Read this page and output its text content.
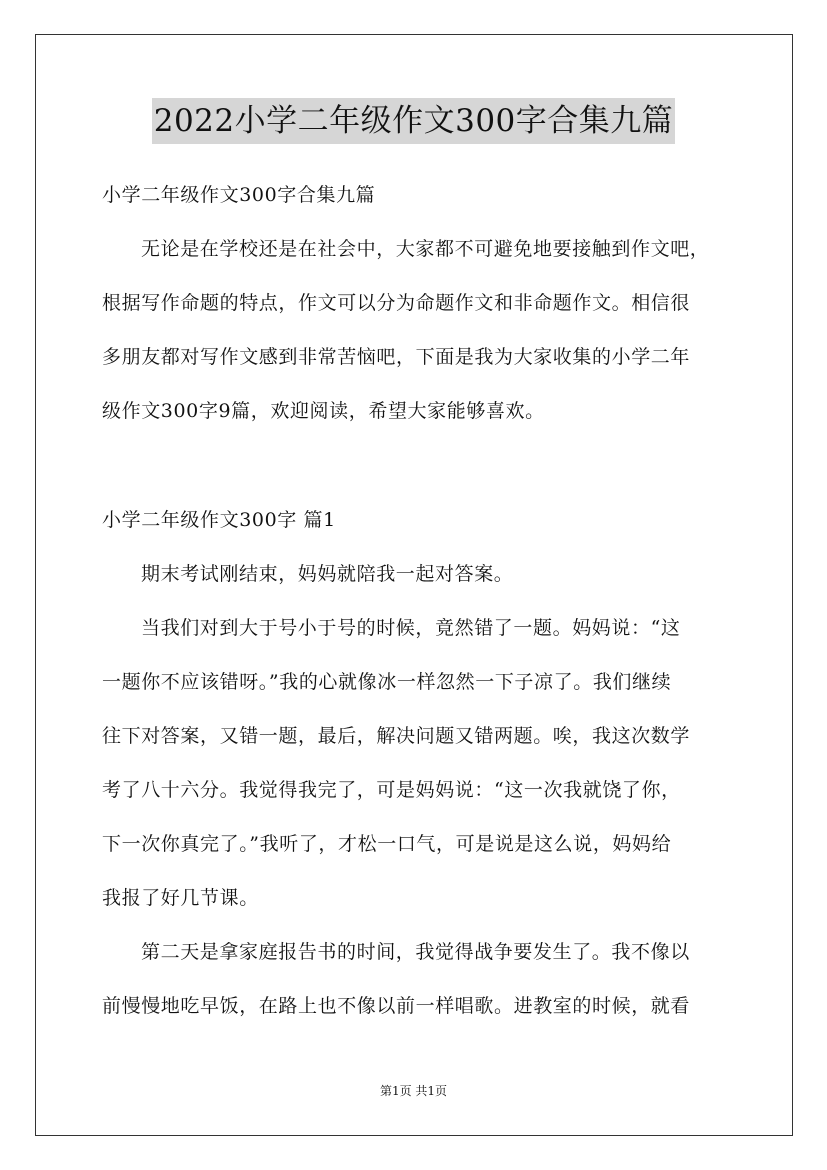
2022小学二年级作文300字合集九篇

小学二年级作文300字合集九篇

无论是在学校还是在社会中，大家都不可避免地要接触到作文吧，

根据写作命题的特点，作文可以分为命题作文和非命题作文。相信很

多朋友都对写作文感到非常苦恼吧，下面是我为大家收集的小学二年

级作文300字9篇，欢迎阅读，希望大家能够喜欢。

小学二年级作文300字 篇1

期末考试刚结束，妈妈就陪我一起对答案。

当我们对到大于号小于号的时候，竟然错了一题。妈妈说：“这

一题你不应该错呀。”我的心就像冰一样忽然一下子凉了。我们继续

往下对答案，又错一题，最后，解决问题又错两题。唉，我这次数学

考了八十六分。我觉得我完了，可是妈妈说：“这一次我就饶了你，

下一次你真完了。”我听了，才松一口气，可是说是这么说，妈妈给

我报了好几节课。

第二天是拿家庭报告书的时间，我觉得战争要发生了。我不像以

前慢慢地吃早饭，在路上也不像以前一样唱歌。进教室的时候，就看

第1页 共1页
